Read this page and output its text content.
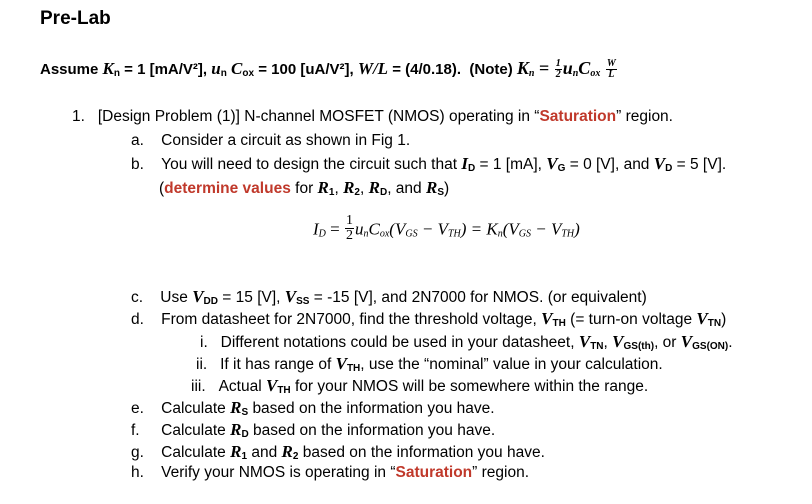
Pre-Lab
Assume $K_n = 1$ [mA/V²], $u_n$ $C_{ox} = 100$ [uA/V²], W/L = (4/0.18). (Note) $K_n = \frac{1}{2} u_nC_{ox} \frac{W}{L}$
1. [Design Problem (1)] N-channel MOSFET (NMOS) operating in “Saturation” region.
a. Consider a circuit as shown in Fig 1.
b. You will need to design the circuit such that $I_D = 1$ [mA], $V_G = 0$ [V], and $V_D = 5$ [V].
(determine values for $R_1$, $R_2$, $R_D$, and $R_S$)
$I_D = \frac{1}{2} u_nC_{ox}(V_{GS} - V_{TH}) = K_n(V_{GS} - V_{TH})$
c. Use $V_{DD} = 15$ [V], $V_{SS} = -15$ [V], and 2N7000 for NMOS. (or equivalent)
d. From datasheet for 2N7000, find the threshold voltage, $V_{TH}$ (= turn-on voltage $V_{TN}$)
i. Different notations could be used in your datasheet, $V_{TN}$, $V_{GS(th)}$, or $V_{GS(ON)}$.
ii. If it has range of $V_{TH}$, use the “nominal” value in your calculation.
iii. Actual $V_{TH}$ for your NMOS will be somewhere within the range.
e. Calculate $R_S$ based on the information you have.
f. Calculate $R_D$ based on the information you have.
g. Calculate $R_1$ and $R_2$ based on the information you have.
h. Verify your NMOS is operating in “Saturation” region.
